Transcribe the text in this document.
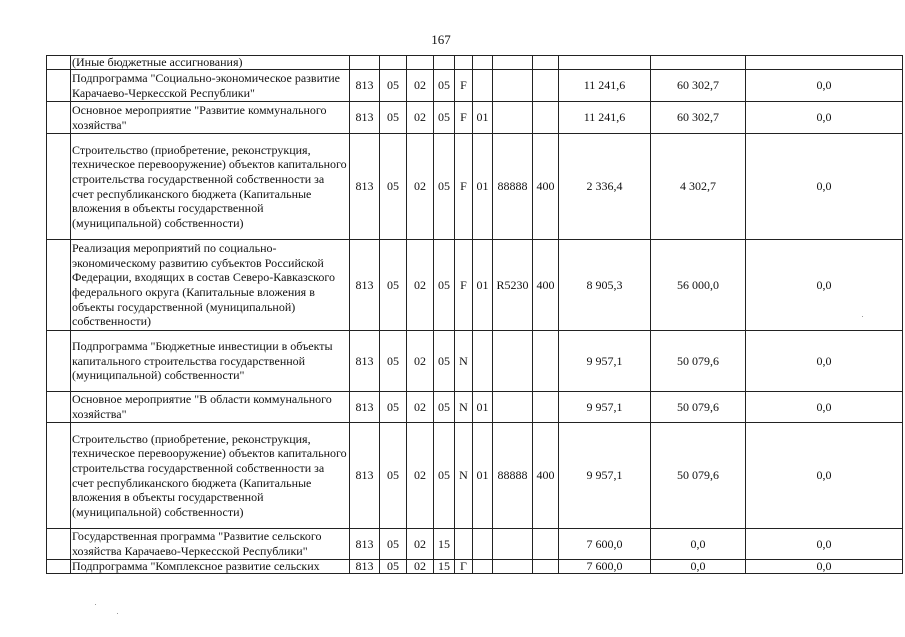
167
	(Иные бюджетные ассигнования)											
	Подпрограмма "Социально-экономическое развитие Карачаево-Черкесской Республики"	813	05	02	05	F				11 241,6	60 302,7	0,0
	Основное мероприятие "Развитие коммунального хозяйства"	813	05	02	05	F	01			11 241,6	60 302,7	0,0
	Строительство (приобретение, реконструкция, техническое перевооружение) объектов капитального строительства государственной собственности за счет республиканского бюджета (Капитальные вложения в объекты государственной (муниципальной) собственности)	813	05	02	05	F	01	88888	400	2 336,4	4 302,7	0,0
	Реализация мероприятий по социально-экономическому развитию субъектов Российской Федерации, входящих в состав Северо-Кавказского федерального округа (Капитальные вложения в объекты государственной (муниципальной) собственности)	813	05	02	05	F	01	R5230	400	8 905,3	56 000,0	0,0
	Подпрограмма "Бюджетные инвестиции в объекты капитального строительства государственной (муниципальной) собственности"	813	05	02	05	N				9 957,1	50 079,6	0,0
	Основное мероприятие "В области коммунального хозяйства"	813	05	02	05	N	01			9 957,1	50 079,6	0,0
	Строительство (приобретение, реконструкция, техническое перевооружение) объектов капитального строительства государственной собственности за счет республиканского бюджета (Капитальные вложения в объекты государственной (муниципальной) собственности)	813	05	02	05	N	01	88888	400	9 957,1	50 079,6	0,0
	Государственная программа "Развитие сельского хозяйства Карачаево-Черкесской Республики"	813	05	02	15					7 600,0	0,0	0,0
	Подпрограмма "Комплексное развитие сельских	813	05	02	15	Г				7 600,0	0,0	0,0
